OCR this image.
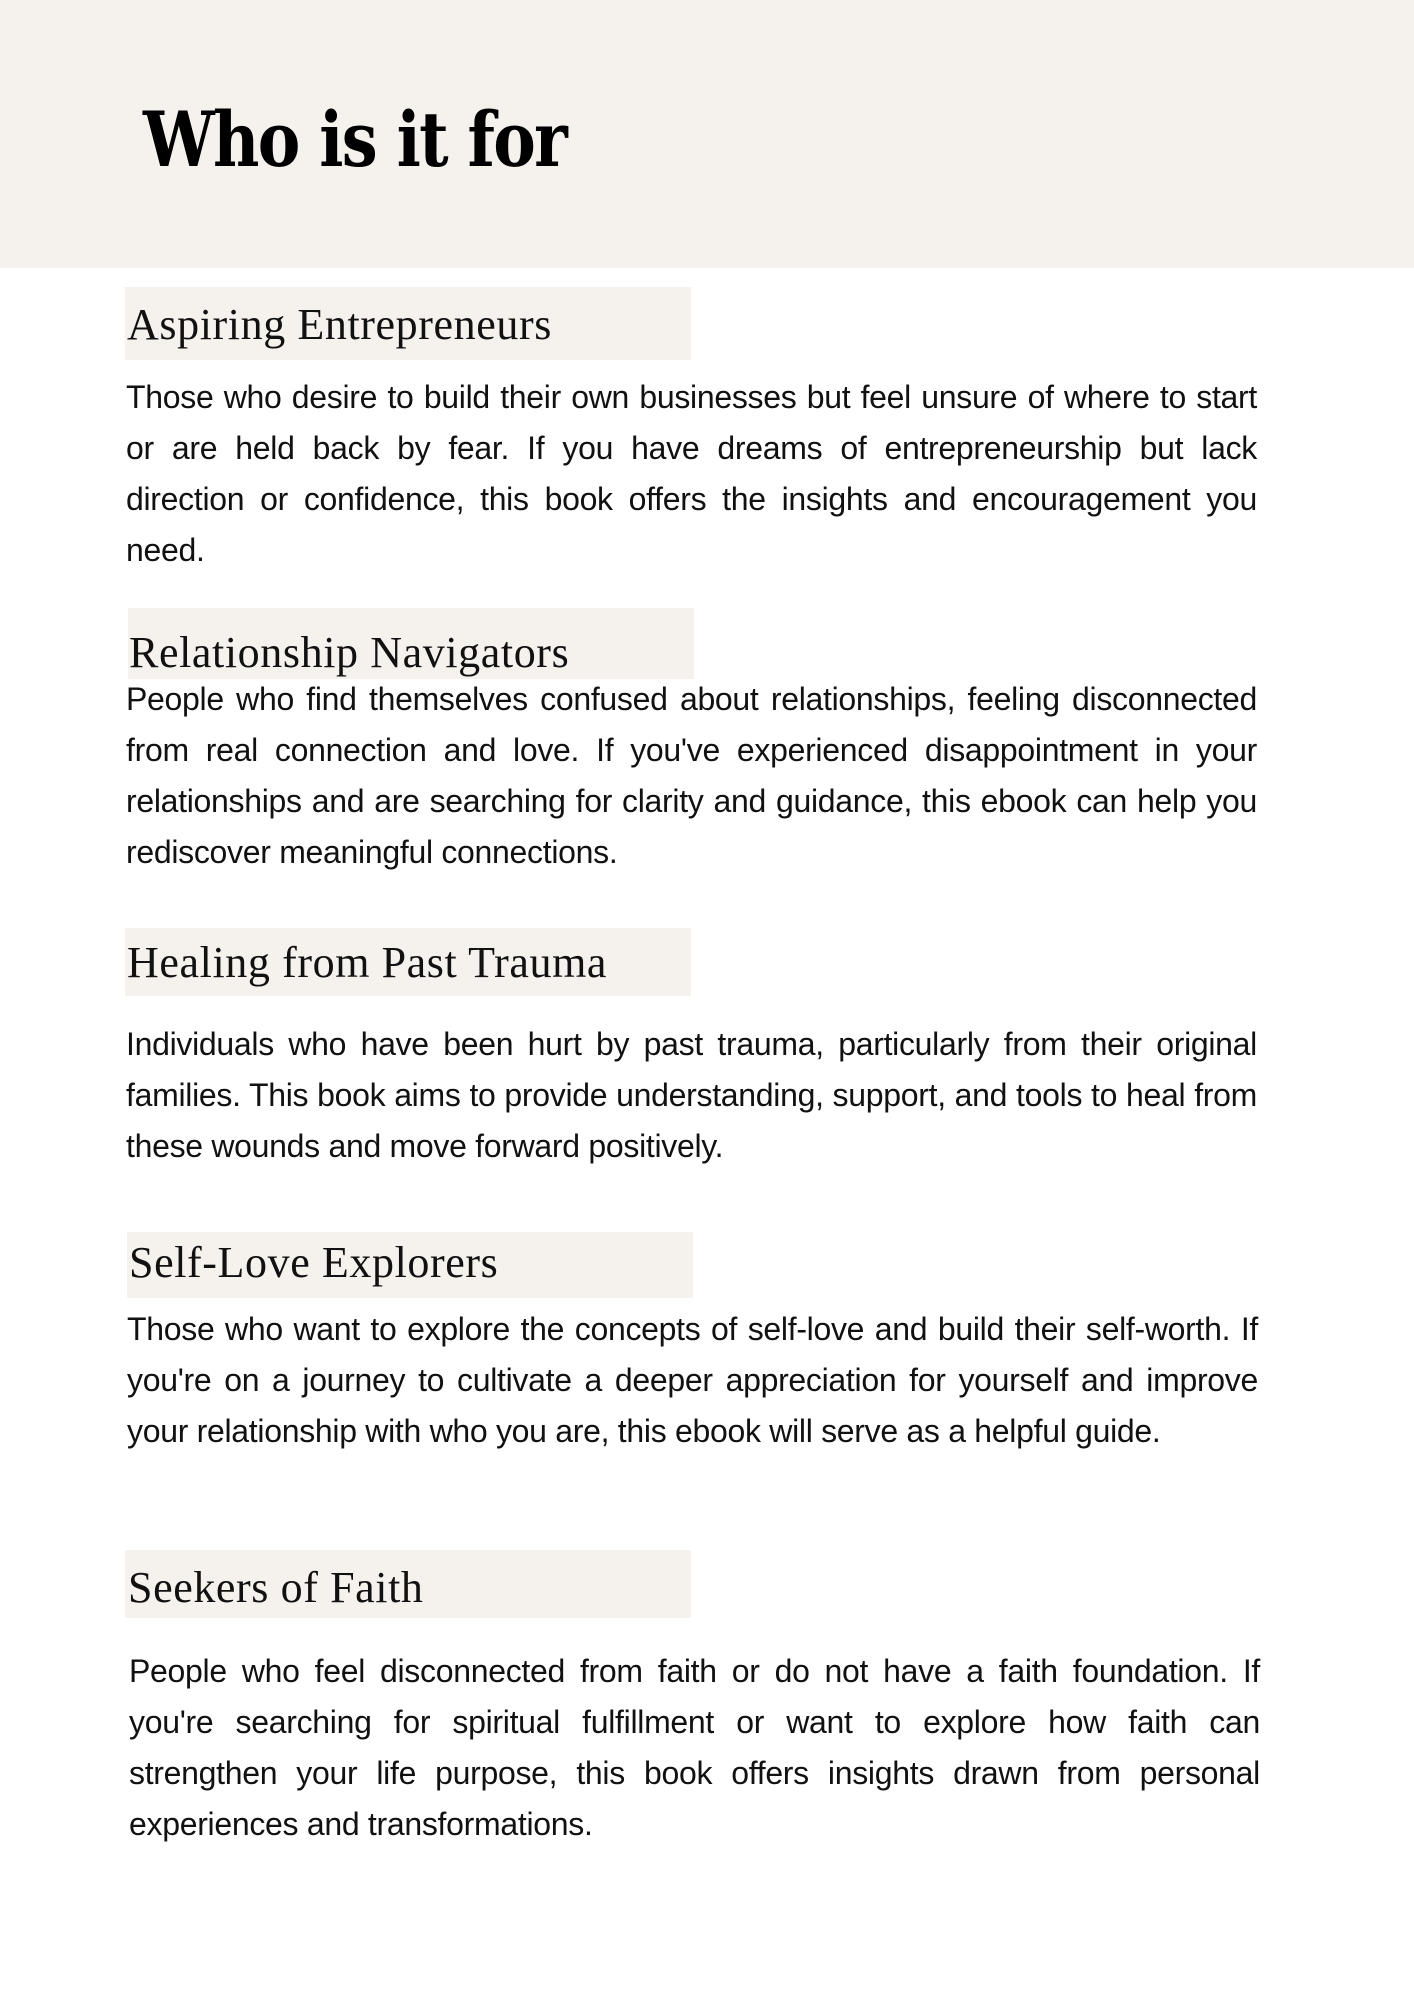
Who is it for
Aspiring Entrepreneurs

Those who desire to build their own businesses but feel unsure of where to start or are held back by fear. If you have dreams of entrepreneurship but lack direction or confidence, this book offers the insights and encouragement you need.

Relationship Navigators

People who find themselves confused about relationships, feeling disconnected from real connection and love. If you've experienced disappointment in your relationships and are searching for clarity and guidance, this ebook can help you rediscover meaningful connections.

Healing from Past Trauma

Individuals who have been hurt by past trauma, particularly from their original families. This book aims to provide understanding, support, and tools to heal from these wounds and move forward positively.

Self-Love Explorers

Those who want to explore the concepts of self-love and build their self-worth. If you're on a journey to cultivate a deeper appreciation for yourself and improve your relationship with who you are, this ebook will serve as a helpful guide.

Seekers of Faith

People who feel disconnected from faith or do not have a faith foundation. If you're searching for spiritual fulfillment or want to explore how faith can strengthen your life purpose, this book offers insights drawn from personal experiences and transformations.
